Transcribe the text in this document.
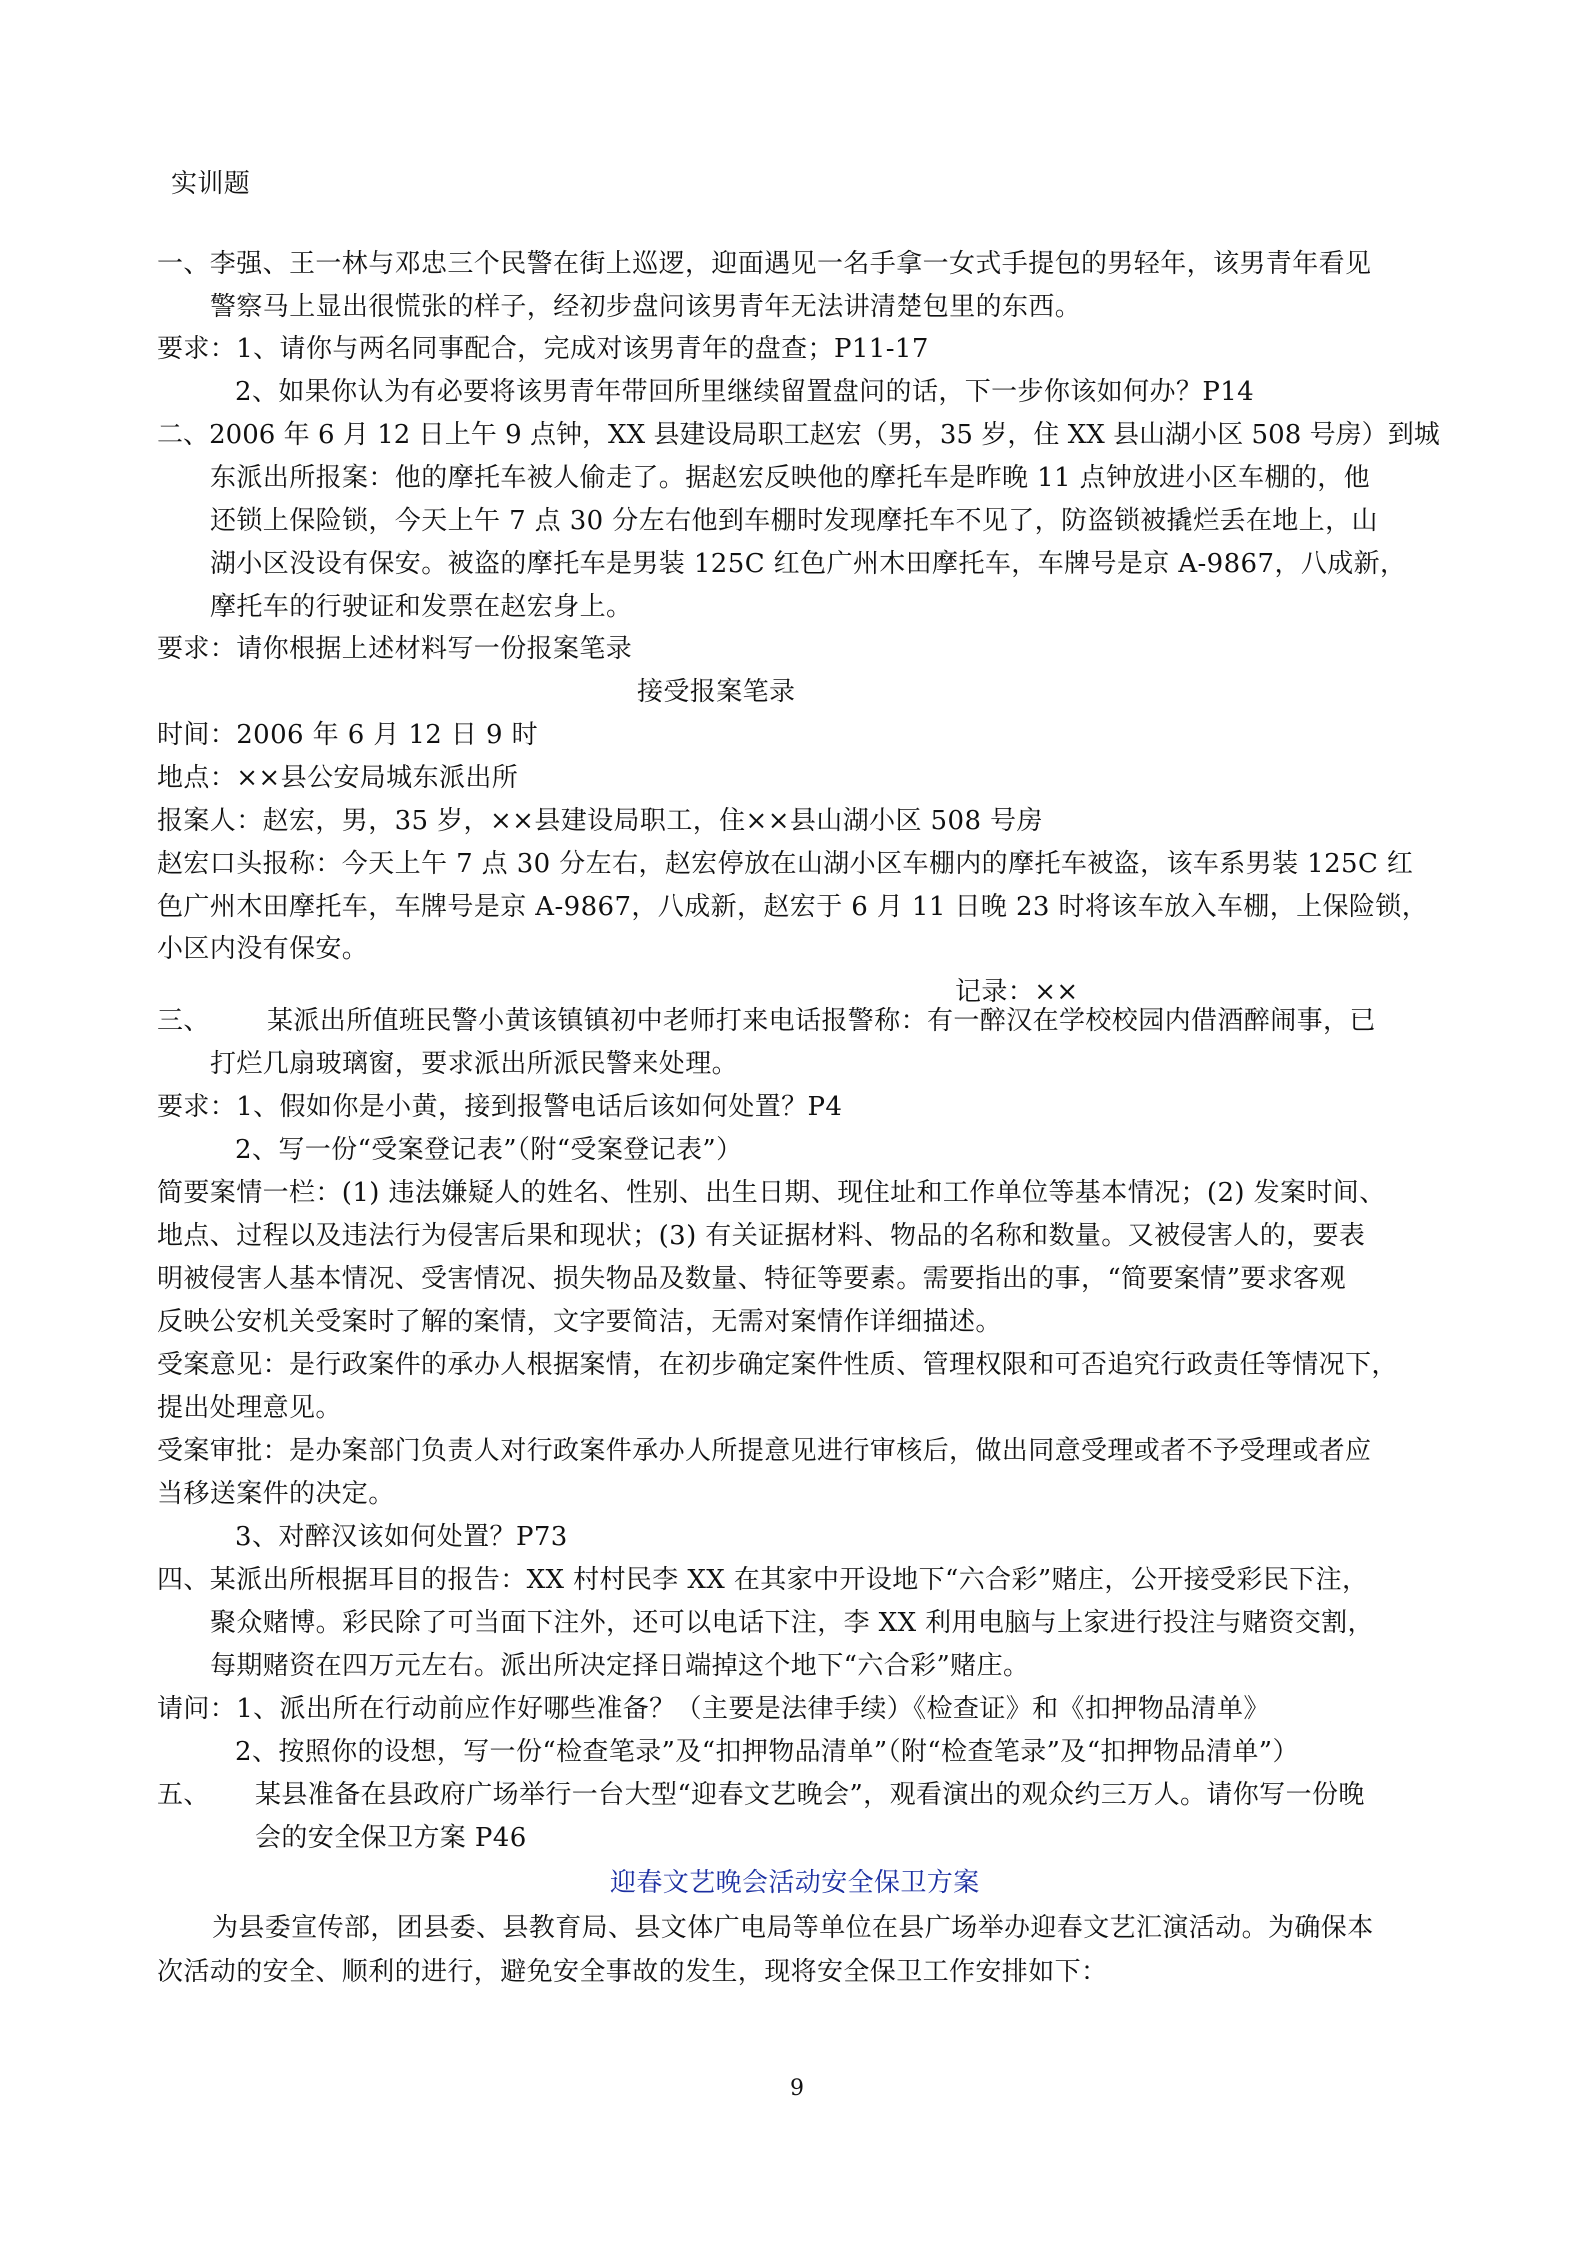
实训题
一、李强、王一林与邓忠三个民警在街上巡逻，迎面遇见一名手拿一女式手提包的男轻年，该男青年看见
警察马上显出很慌张的样子，经初步盘问该男青年无法讲清楚包里的东西。
要求：1、请你与两名同事配合，完成对该男青年的盘查；P11-17
2、如果你认为有必要将该男青年带回所里继续留置盘问的话，下一步你该如何办？P14
二、2006 年 6 月 12 日上午 9 点钟，XX 县建设局职工赵宏（男，35 岁，住 XX 县山湖小区 508 号房）到城
东派出所报案：他的摩托车被人偷走了。据赵宏反映他的摩托车是昨晚 11 点钟放进小区车棚的，他
还锁上保险锁，今天上午 7 点 30 分左右他到车棚时发现摩托车不见了，防盗锁被撬烂丢在地上，山
湖小区没设有保安。被盗的摩托车是男装 125C 红色广州木田摩托车，车牌号是京 A-9867，八成新，
摩托车的行驶证和发票在赵宏身上。
要求：请你根据上述材料写一份报案笔录
接受报案笔录
时间：2006 年 6 月 12 日 9 时
地点：××县公安局城东派出所
报案人：赵宏，男，35 岁，××县建设局职工，住××县山湖小区 508 号房
赵宏口头报称：今天上午 7 点 30 分左右，赵宏停放在山湖小区车棚内的摩托车被盗，该车系男装 125C 红
色广州木田摩托车，车牌号是京 A-9867，八成新，赵宏于 6 月 11 日晚 23 时将该车放入车棚，上保险锁，
小区内没有保安。
记录：××
三、 某派出所值班民警小黄该镇镇初中老师打来电话报警称：有一醉汉在学校校园内借酒醉闹事，已
打烂几扇玻璃窗，要求派出所派民警来处理。
要求：1、假如你是小黄，接到报警电话后该如何处置？P4
2、写一份“受案登记表”（附“受案登记表”）
简要案情一栏：(1) 违法嫌疑人的姓名、性别、出生日期、现住址和工作单位等基本情况；(2) 发案时间、
地点、过程以及违法行为侵害后果和现状；(3) 有关证据材料、物品的名称和数量。又被侵害人的，要表
明被侵害人基本情况、受害情况、损失物品及数量、特征等要素。需要指出的事，“简要案情”要求客观
反映公安机关受案时了解的案情，文字要简洁，无需对案情作详细描述。
受案意见：是行政案件的承办人根据案情，在初步确定案件性质、管理权限和可否追究行政责任等情况下，
提出处理意见。
受案审批：是办案部门负责人对行政案件承办人所提意见进行审核后，做出同意受理或者不予受理或者应
当移送案件的决定。
3、对醉汉该如何处置？P73
四、某派出所根据耳目的报告：XX 村村民李 XX 在其家中开设地下“六合彩”赌庄，公开接受彩民下注，
聚众赌博。彩民除了可当面下注外，还可以电话下注，李 XX 利用电脑与上家进行投注与赌资交割，
每期赌资在四万元左右。派出所决定择日端掉这个地下“六合彩”赌庄。
请问：1、派出所在行动前应作好哪些准备？（主要是法律手续）《检查证》和《扣押物品清单》
2、按照你的设想，写一份“检查笔录”及“扣押物品清单”（附“检查笔录”及“扣押物品清单”）
五、 某县准备在县政府广场举行一台大型“迎春文艺晚会”，观看演出的观众约三万人。请你写一份晚
会的安全保卫方案 P46
迎春文艺晚会活动安全保卫方案
为县委宣传部，团县委、县教育局、县文体广电局等单位在县广场举办迎春文艺汇演活动。为确保本
次活动的安全、顺利的进行，避免安全事故的发生，现将安全保卫工作安排如下：
9
